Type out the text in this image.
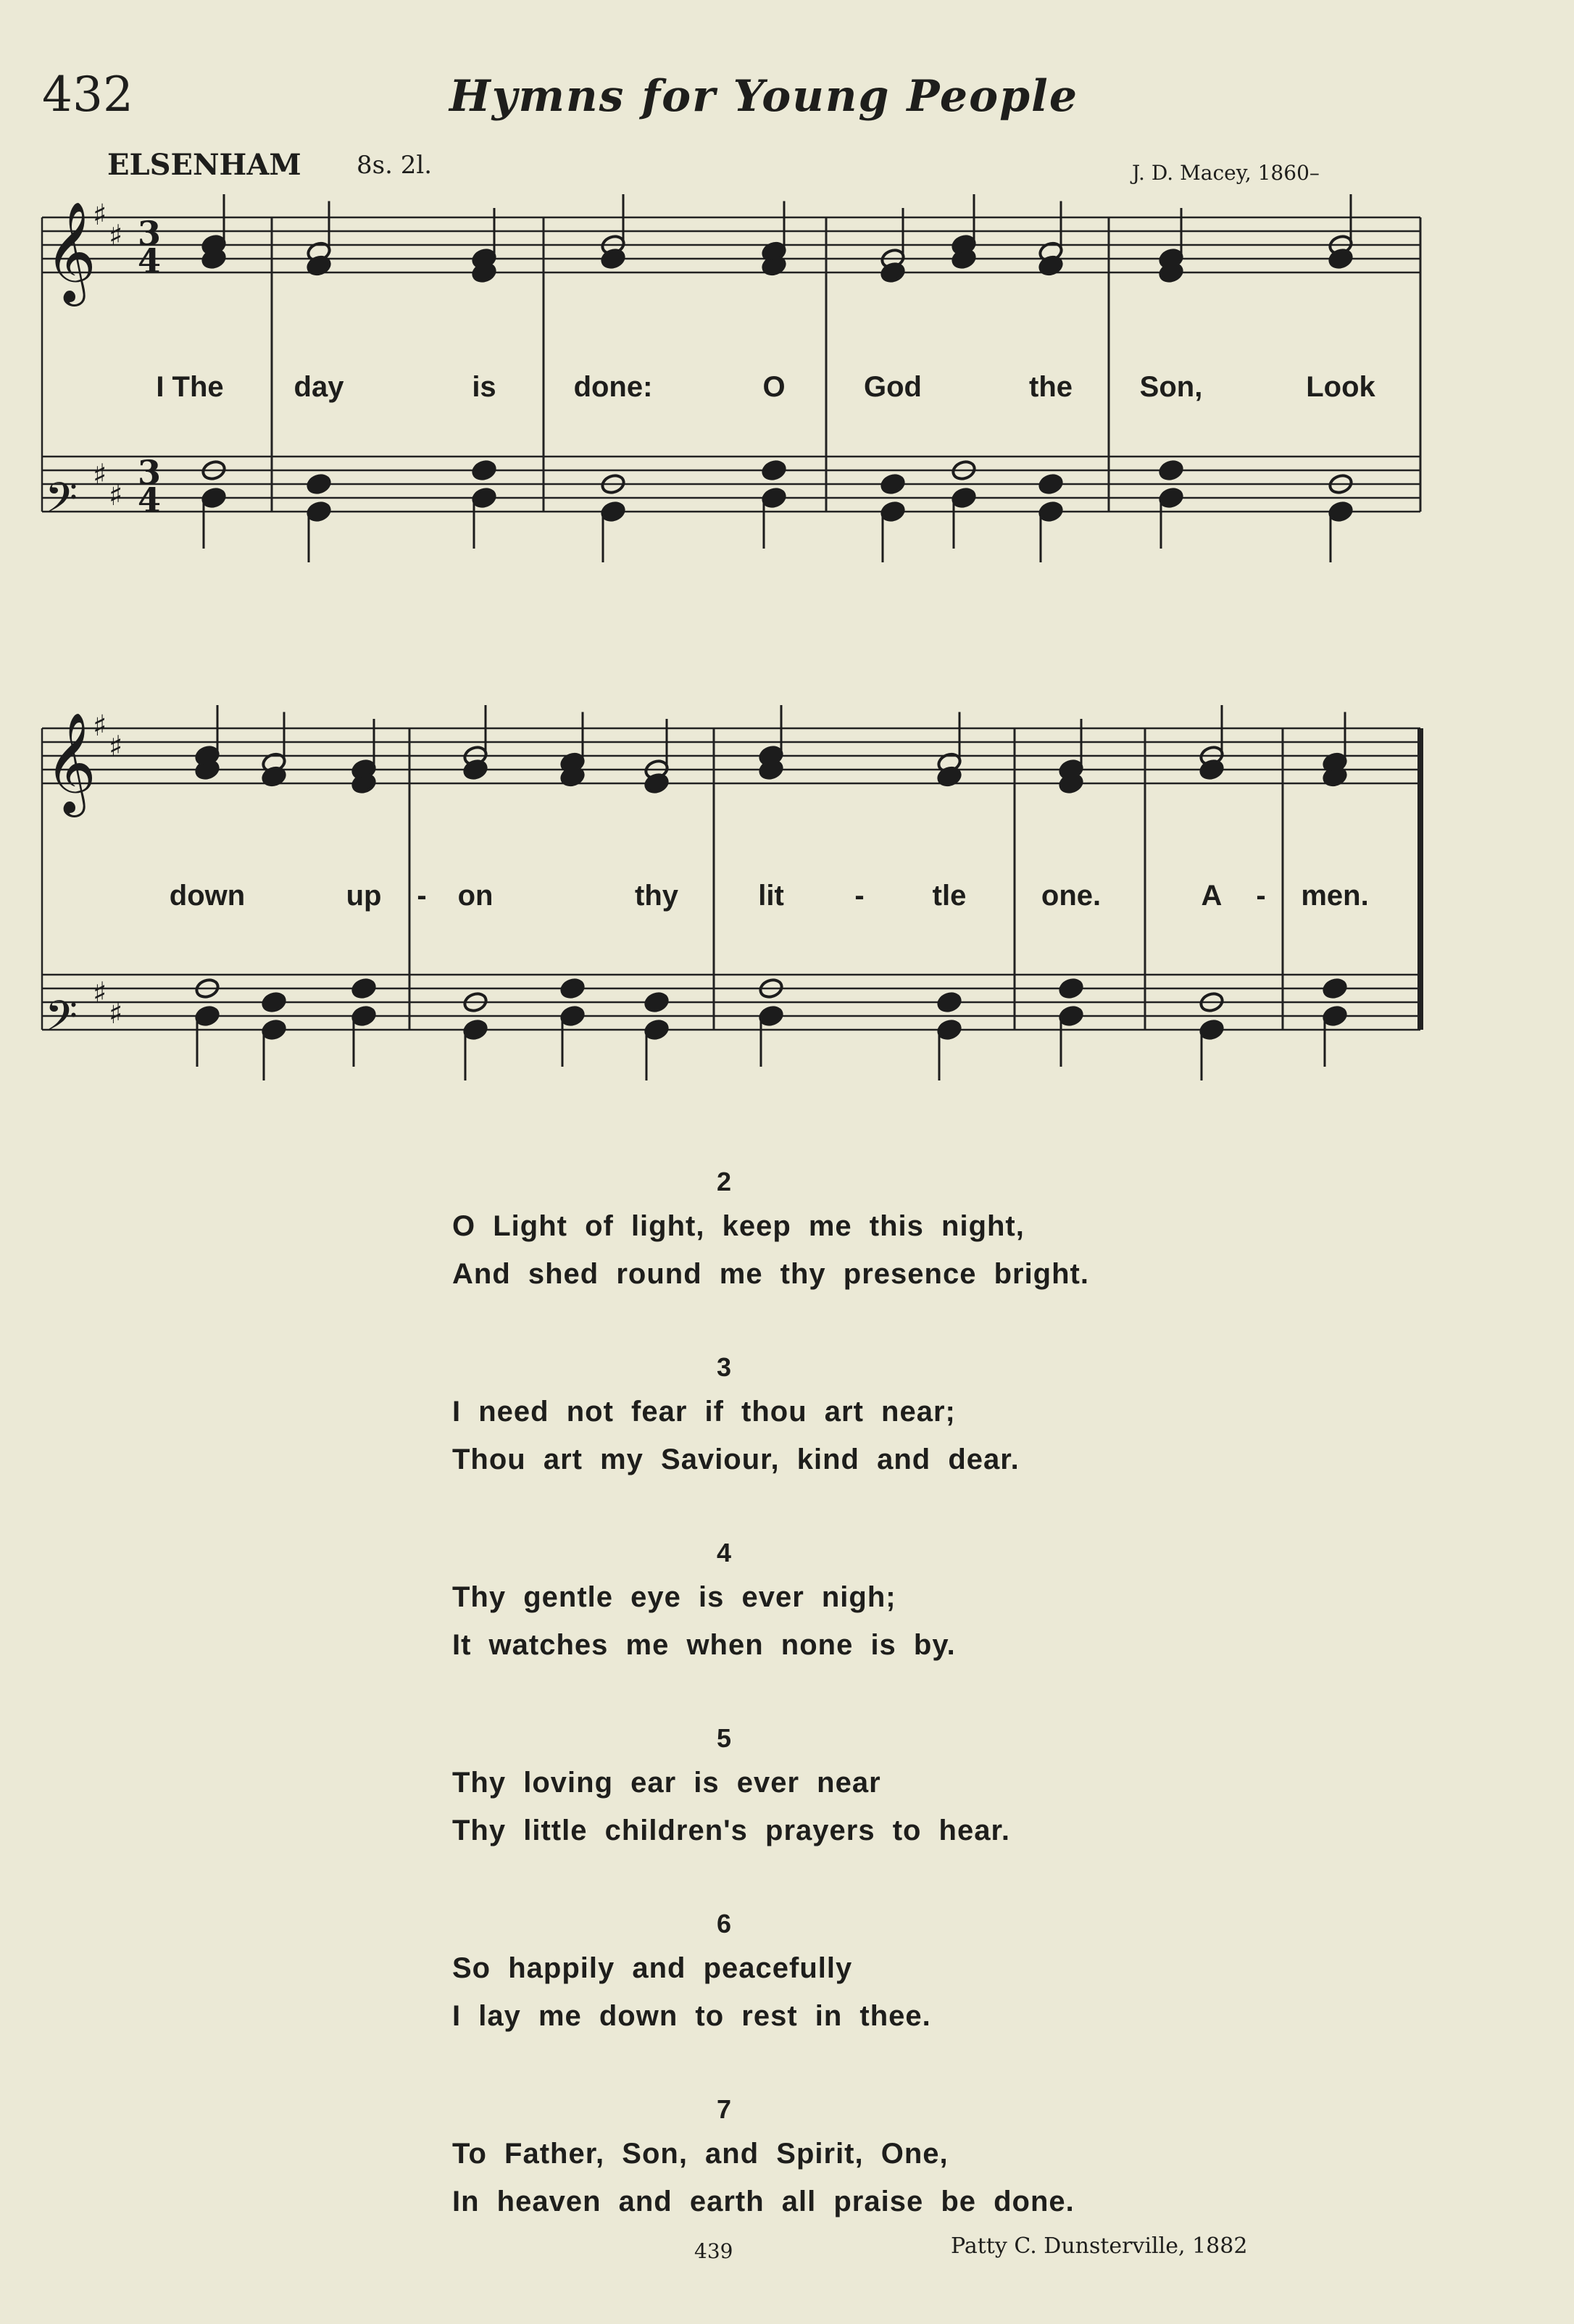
432	Hymns for Young People
ELSENHAM 8s. 2l.	J. D. Macey, 1860–
𝄞
♯
♯
𝄢 ♯
♯
𝄞
♯
♯
𝄢 ♯
♯
3
4
3
4
I The day	is	done:	O	God	the Son,	Look
down	up - on	thy	lit - tle	one.	A - men.
2
O Light of light, keep me this night,
And shed round me thy presence bright.
3
I need not fear if thou art near;
Thou art my Saviour, kind and dear.
4
Thy gentle eye is ever nigh;
It watches me when none is by.
5
Thy loving ear is ever near
Thy little children's prayers to hear.
6
So happily and peacefully
I lay me down to rest in thee.
7
To Father, Son, and Spirit, One,
In heaven and earth all praise be done.
439	Patty C. Dunsterville, 1882
